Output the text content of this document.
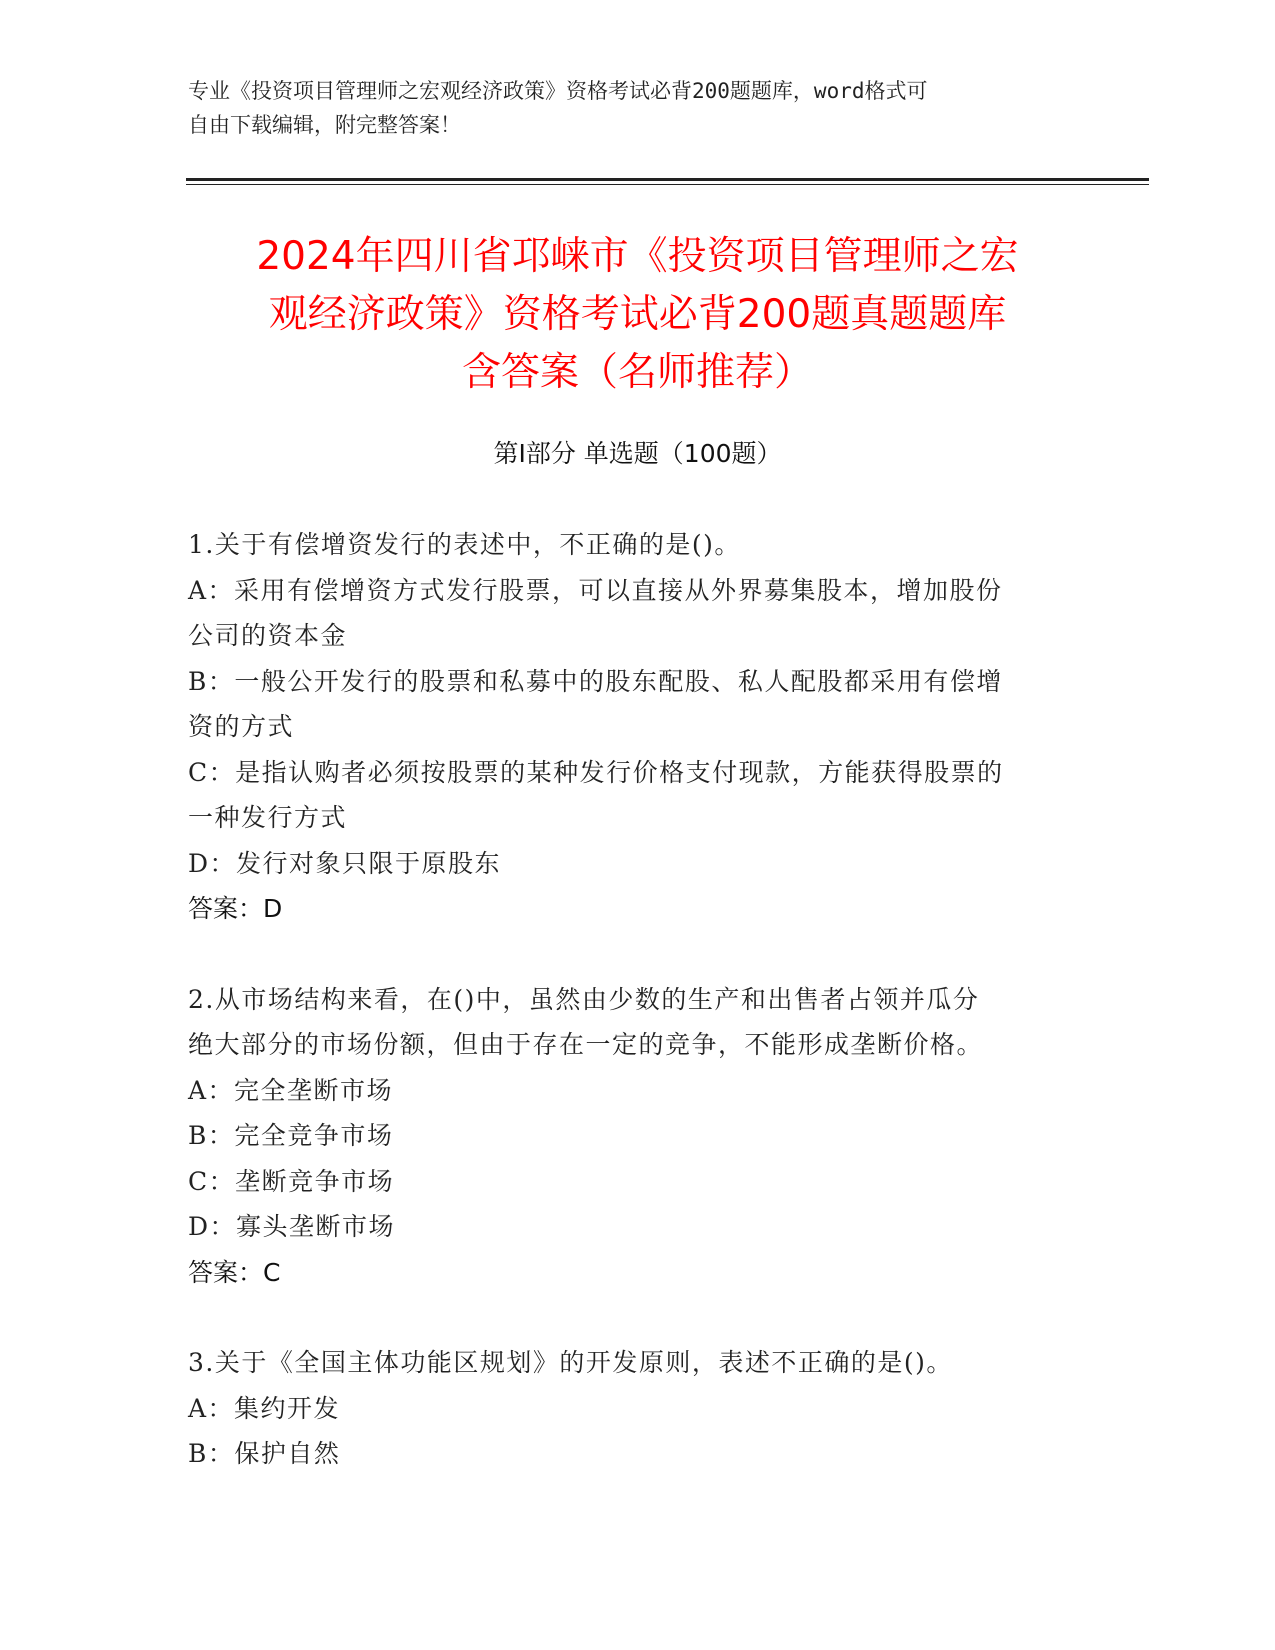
专业《投资项目管理师之宏观经济政策》资格考试必背200题题库，word格式可
自由下载编辑，附完整答案！
2024年四川省邛崃市《投资项目管理师之宏
观经济政策》资格考试必背200题真题题库
含答案（名师推荐）
第Ⅰ部分 单选题（100题）
1.关于有偿增资发行的表述中，不正确的是()。
A：采用有偿增资方式发行股票，可以直接从外界募集股本，增加股份
公司的资本金
B：一般公开发行的股票和私募中的股东配股、私人配股都采用有偿增
资的方式
C：是指认购者必须按股票的某种发行价格支付现款，方能获得股票的
一种发行方式
D：发行对象只限于原股东
答案：D
2.从市场结构来看，在()中，虽然由少数的生产和出售者占领并瓜分
绝大部分的市场份额，但由于存在一定的竞争，不能形成垄断价格。
A：完全垄断市场
B：完全竞争市场
C：垄断竞争市场
D：寡头垄断市场
答案：C
3.关于《全国主体功能区规划》的开发原则，表述不正确的是()。
A：集约开发
B：保护自然
